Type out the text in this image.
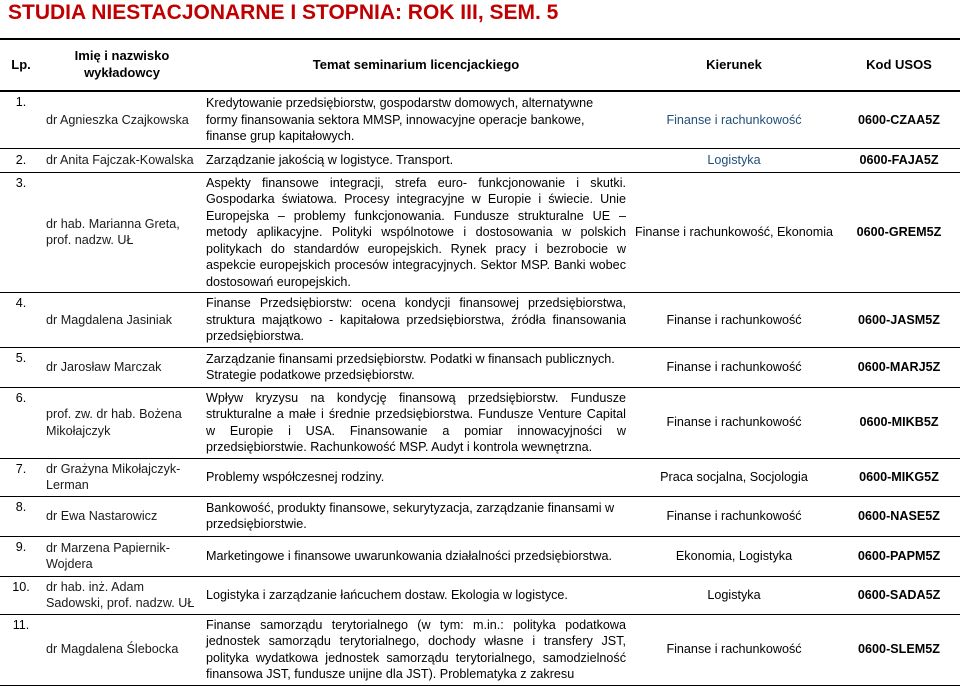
STUDIA NIESTACJONARNE I STOPNIA: ROK III, SEM. 5
Lp.	Imię i nazwisko wykładowcy	Temat seminarium licencjackiego	Kierunek	Kod USOS
1.	dr Agnieszka Czajkowska	Kredytowanie przedsiębiorstw, gospodarstw domowych, alternatywne formy finansowania sektora MMSP, innowacyjne operacje bankowe, finanse grup kapitałowych.	Finanse i rachunkowość	0600-CZAA5Z
2.	dr Anita Fajczak-Kowalska	Zarządzanie jakością w logistyce. Transport.	Logistyka	0600-FAJA5Z
3.	dr hab. Marianna Greta, prof. nadzw. UŁ	Aspekty finansowe integracji, strefa euro- funkcjonowanie i skutki. Gospodarka światowa. Procesy integracyjne w Europie i świecie. Unie Europejska – problemy funkcjonowania. Fundusze strukturalne UE – metody aplikacyjne. Polityki wspólnotowe i dostosowania w polskich politykach do standardów europejskich. Rynek pracy i bezrobocie w aspekcie europejskich procesów integracyjnych. Sektor MSP. Banki wobec dostosowań europejskich.	Finanse i rachunkowość, Ekonomia	0600-GREM5Z
4.	dr Magdalena Jasiniak	Finanse Przedsiębiorstw: ocena kondycji finansowej przedsiębiorstwa, struktura majątkowo - kapitałowa przedsiębiorstwa, źródła finansowania przedsiębiorstwa.	Finanse i rachunkowość	0600-JASM5Z
5.	dr Jarosław Marczak	Zarządzanie finansami przedsiębiorstw. Podatki w finansach publicznych. Strategie podatkowe przedsiębiorstw.	Finanse i rachunkowość	0600-MARJ5Z
6.	prof. zw. dr hab. Bożena Mikołajczyk	Wpływ kryzysu na kondycję finansową przedsiębiorstw. Fundusze strukturalne a małe i średnie przedsiębiorstwa. Fundusze Venture Capital w Europie i USA. Finansowanie a pomiar innowacyjności w przedsiębiorstwie. Rachunkowość MSP. Audyt i kontrola wewnętrzna.	Finanse i rachunkowość	0600-MIKB5Z
7.	dr Grażyna Mikołajczyk-Lerman	Problemy współczesnej rodziny.	Praca socjalna, Socjologia	0600-MIKG5Z
8.	dr Ewa Nastarowicz	Bankowość, produkty finansowe, sekurytyzacja, zarządzanie finansami w przedsiębiorstwie.	Finanse i rachunkowość	0600-NASE5Z
9.	dr Marzena Papiernik-Wojdera	Marketingowe i finansowe uwarunkowania działalności przedsiębiorstwa.	Ekonomia, Logistyka	0600-PAPM5Z
10.	dr hab. inż. Adam Sadowski, prof. nadzw. UŁ	Logistyka i zarządzanie łańcuchem dostaw. Ekologia w logistyce.	Logistyka	0600-SADA5Z
11.	dr Magdalena Ślebocka	Finanse samorządu terytorialnego (w tym: m.in.: polityka podatkowa jednostek samorządu terytorialnego, dochody własne i transfery JST, polityka wydatkowa jednostek samorządu terytorialnego, samodzielność finansowa JST, fundusze unijne dla JST). Problematyka z zakresu	Finanse i rachunkowość	0600-SLEM5Z
